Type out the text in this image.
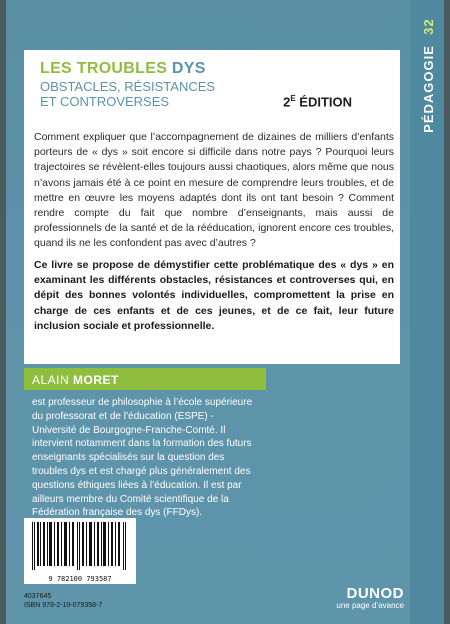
PÉDAGOGIE 32
LES TROUBLES DYS
OBSTACLES, RÉSISTANCES
ET CONTROVERSES	$2^E$ ÉDITION

Comment expliquer que l’accompagnement de dizaines de milliers d’enfants porteurs de « dys » soit encore si difficile dans notre pays ? Pourquoi leurs trajectoires se révèlent-elles toujours aussi chaotiques, alors même que nous n’avons jamais été à ce point en mesure de comprendre leurs troubles, et de mettre en œuvre les moyens adaptés dont ils ont tant besoin ? Comment rendre compte du fait que nombre d’enseignants, mais aussi de professionnels de la santé et de la rééducation, ignorent encore ces troubles, quand ils ne les confondent pas avec d’autres ?

Ce livre se propose de démystifier cette problématique des « dys » en examinant les différents obstacles, résistances et controverses qui, en dépit des bonnes volontés individuelles, compromettent la prise en charge de ces enfants et de ces jeunes, et de ce fait, leur future inclusion sociale et professionnelle.

ALAIN MORET

est professeur de philosophie à l’école supérieure du professorat et de l’éducation (ESPE) - Université de Bourgogne-Franche-Comté. Il intervient notamment dans la formation des futurs enseignants spécialisés sur la question des troubles dys et est chargé plus généralement des questions éthiques liées à l’éducation. Il est par ailleurs membre du Comité scientifique de la Fédération française des dys (FFDys).

9 782100 793587
4037645
ISBN 978-2-10-079358-7
DUNOD
une page d’avance
